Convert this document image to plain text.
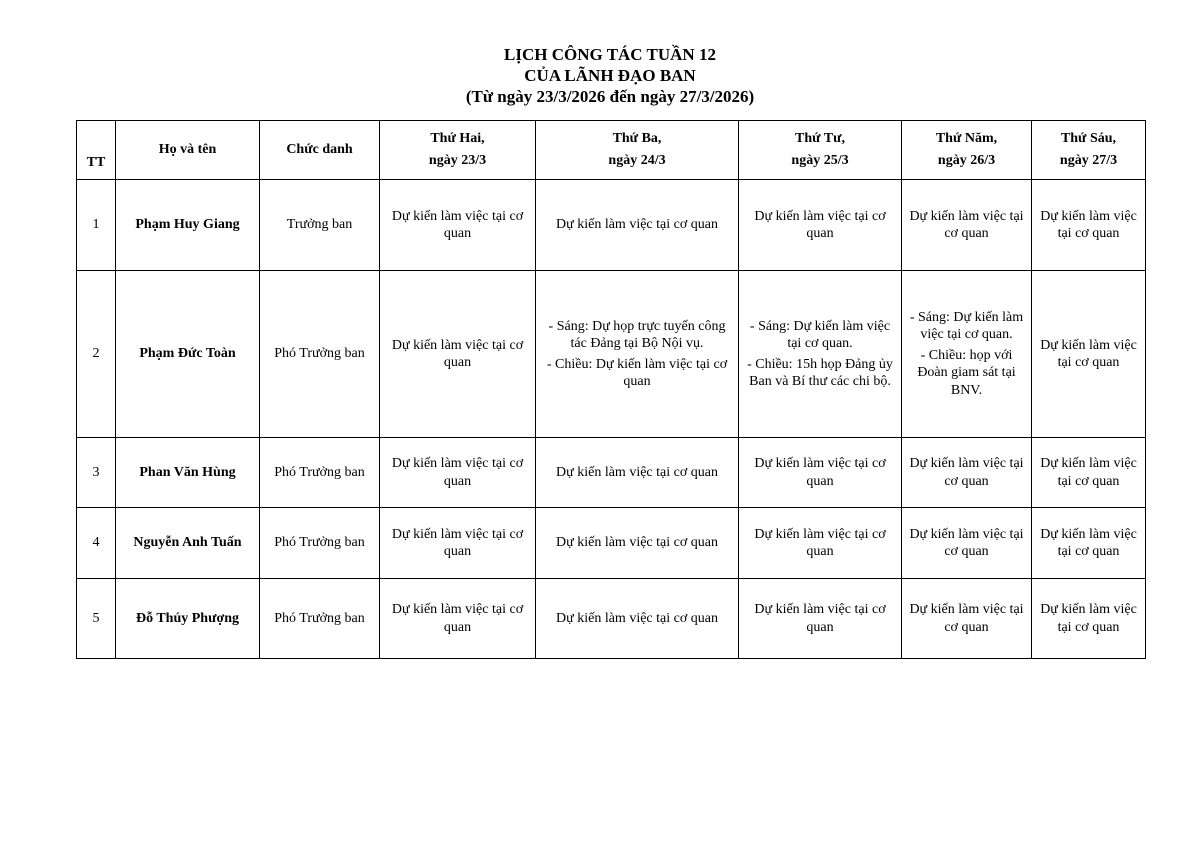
LỊCH CÔNG TÁC TUẦN 12
CỦA LÃNH ĐẠO BAN
(Từ ngày 23/3/2026 đến ngày 27/3/2026)
TT	Họ và tên	Chức danh	Thứ Hai,
ngày 23/3	Thứ Ba,
ngày 24/3	Thứ Tư,
ngày 25/3	Thứ Năm,
ngày 26/3	Thứ Sáu,
ngày 27/3

1	Phạm Huy Giang	Trưởng ban	Dự kiến làm việc tại cơ quan	Dự kiến làm việc tại cơ quan	Dự kiến làm việc tại cơ quan	Dự kiến làm việc tại cơ quan	Dự kiến làm việc tại cơ quan

2	Phạm Đức Toàn	Phó Trưởng ban	Dự kiến làm việc tại cơ quan	- Sáng: Dự họp trực tuyến công tác Đảng tại Bộ Nội vụ.
- Chiều: Dự kiến làm việc tại cơ quan	- Sáng: Dự kiến làm việc tại cơ quan.
- Chiều: 15h họp Đảng ủy Ban và Bí thư các chi bộ.	- Sáng: Dự kiến làm việc tại cơ quan.
- Chiều: họp với Đoàn giam sát tại BNV.	Dự kiến làm việc tại cơ quan

3	Phan Văn Hùng	Phó Trưởng ban	Dự kiến làm việc tại cơ quan	Dự kiến làm việc tại cơ quan	Dự kiến làm việc tại cơ quan	Dự kiến làm việc tại cơ quan	Dự kiến làm việc tại cơ quan

4	Nguyễn Anh Tuấn	Phó Trưởng ban	Dự kiến làm việc tại cơ quan	Dự kiến làm việc tại cơ quan	Dự kiến làm việc tại cơ quan	Dự kiến làm việc tại cơ quan	Dự kiến làm việc tại cơ quan

5	Đỗ Thúy Phượng	Phó Trưởng ban	Dự kiến làm việc tại cơ quan	Dự kiến làm việc tại cơ quan	Dự kiến làm việc tại cơ quan	Dự kiến làm việc tại cơ quan	Dự kiến làm việc tại cơ quan
